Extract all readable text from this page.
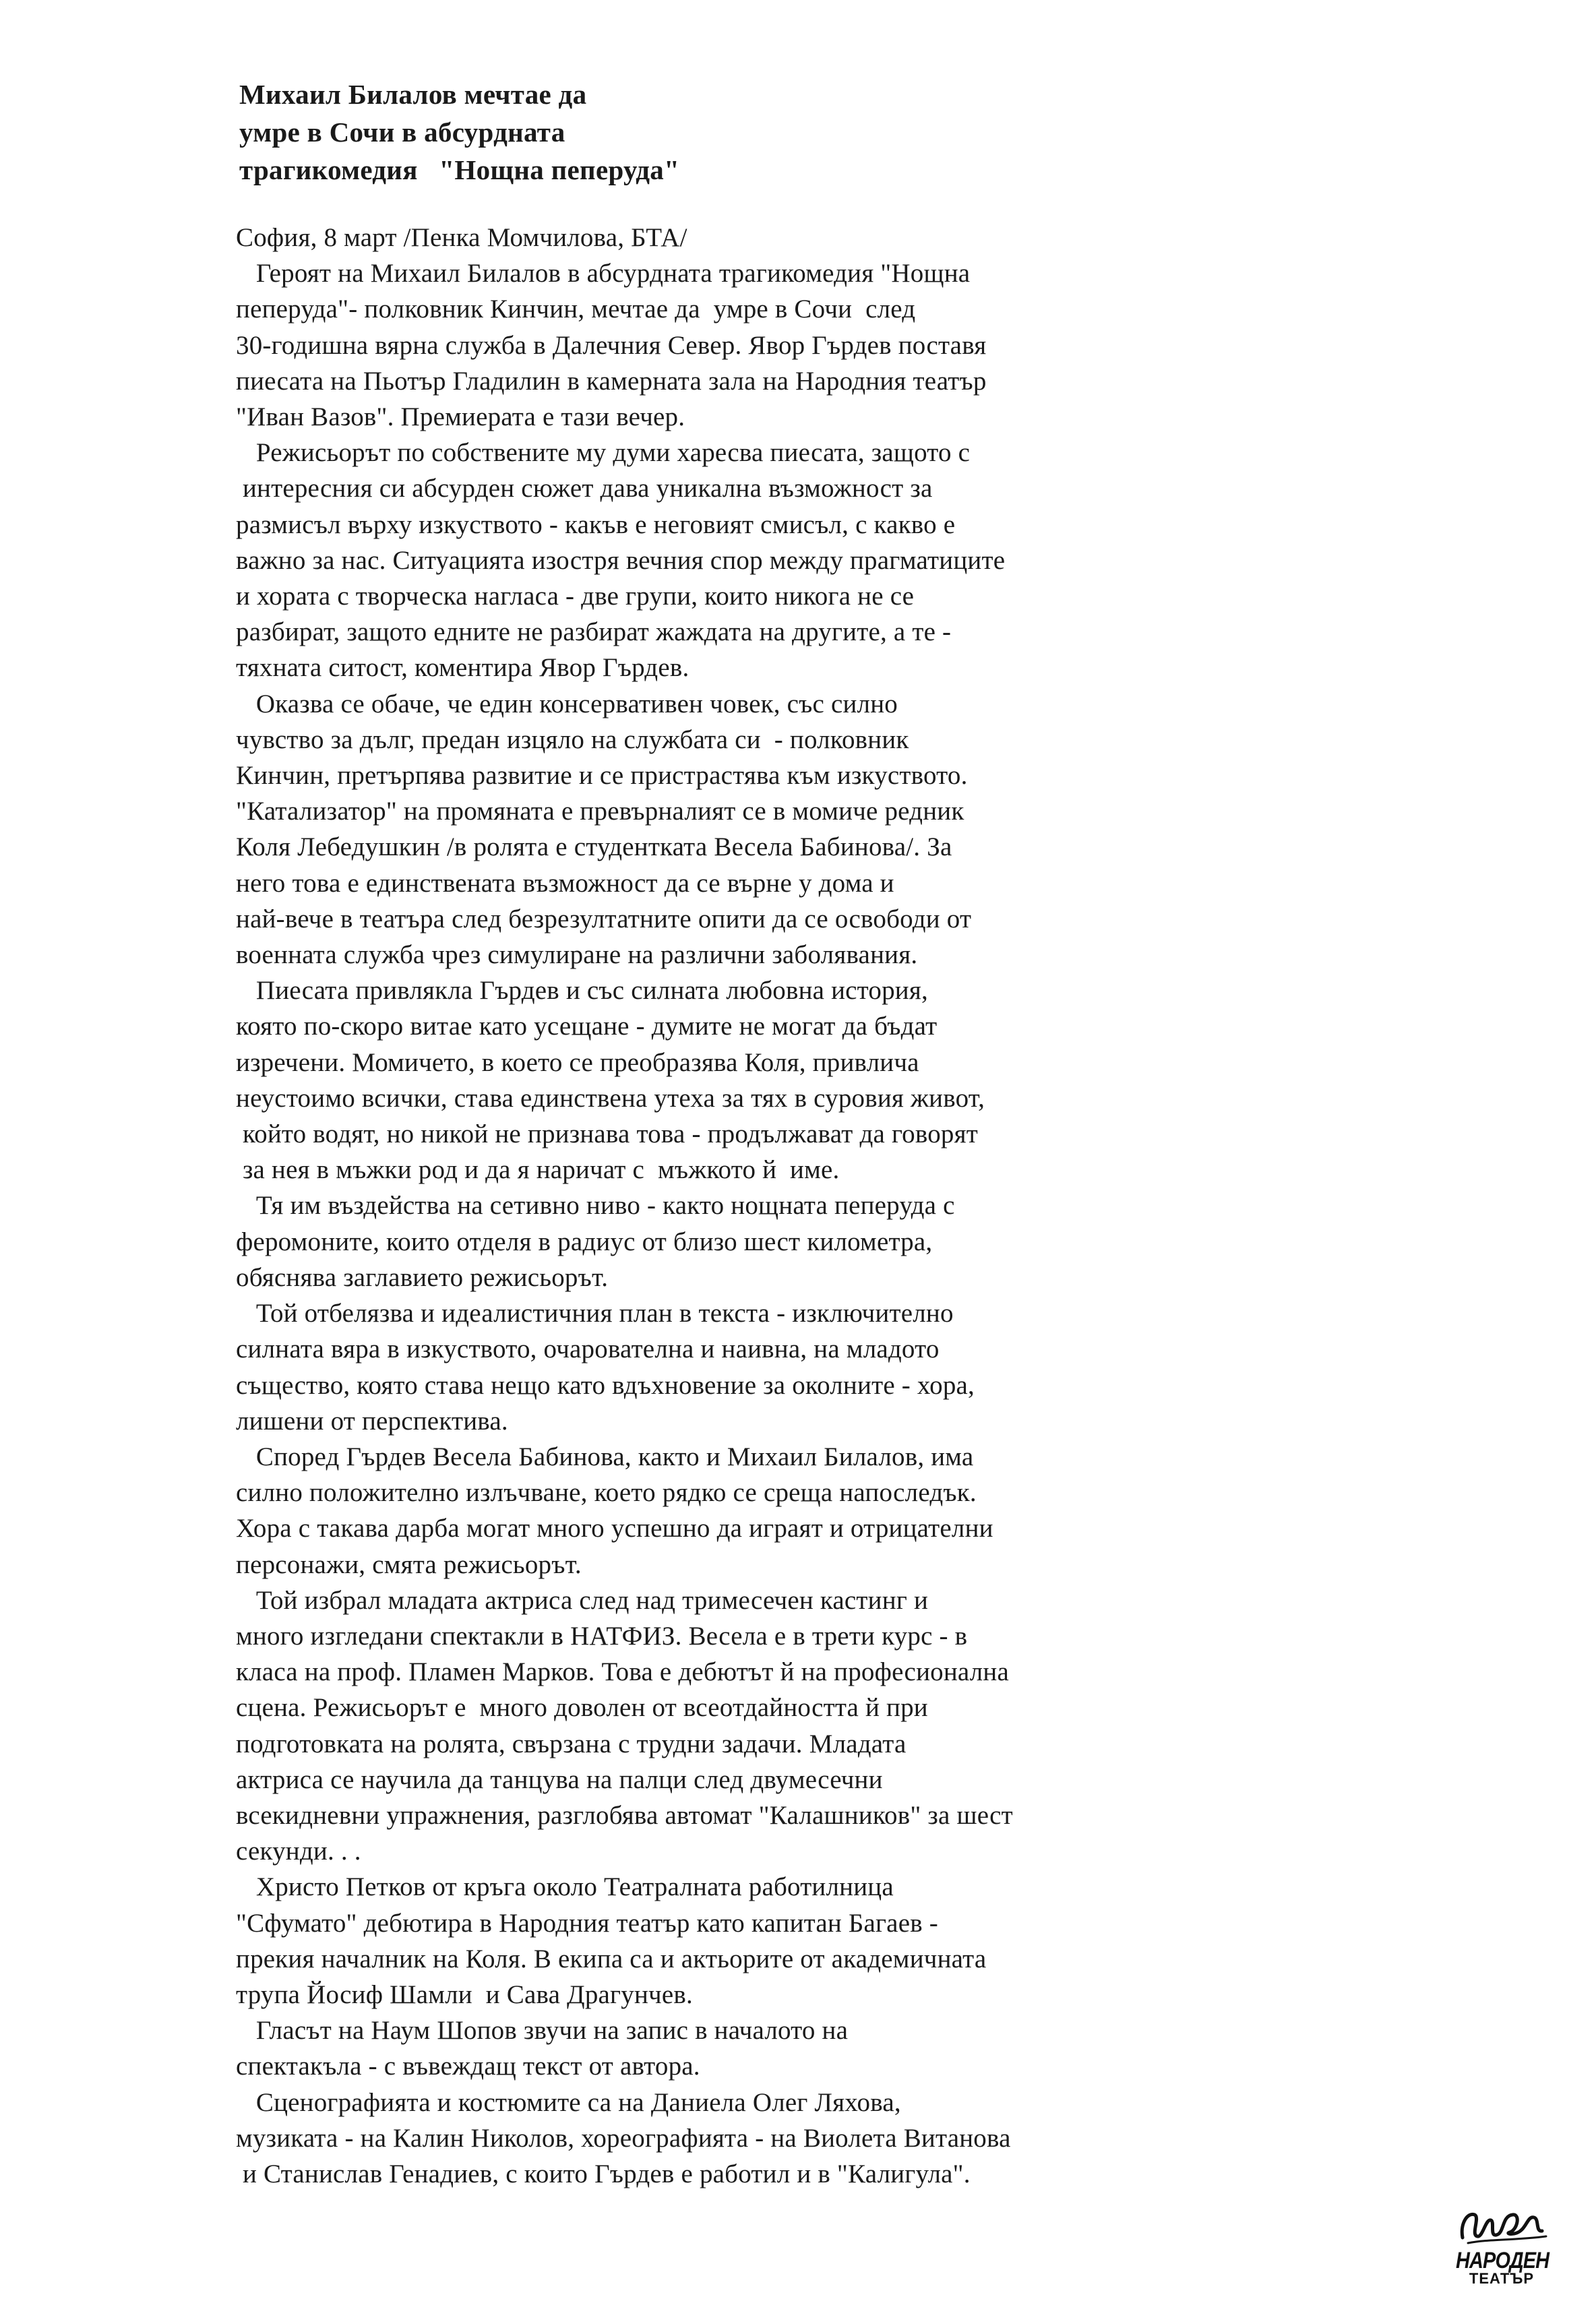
Михаил Билалов мечтае да
умре в Сочи в абсурдната
трагикомедия   "Нощна пеперуда"
София, 8 март /Пенка Момчилова, БТА/
Героят на Михаил Билалов в абсурдната трагикомедия "Нощна
пеперуда"- полковник Кинчин, мечтае да  умре в Сочи  след
30-годишна вярна служба в Далечния Север. Явор Гърдев поставя
пиесата на Пьотър Гладилин в камерната зала на Народния театър
"Иван Вазов". Премиерата е тази вечер.
Режисьорът по собствените му думи харесва пиесата, защото с
интересния си абсурден сюжет дава уникална възможност за
размисъл върху изкуството - какъв е неговият смисъл, с какво е
важно за нас. Ситуацията изостря вечния спор между прагматиците
и хората с творческа нагласа - две групи, които никога не се
разбират, защото едните не разбират жаждата на другите, а те -
тяхната ситост, коментира Явор Гърдев.
Оказва се обаче, че един консервативен човек, със силно
чувство за дълг, предан изцяло на службата си  - полковник
Кинчин, претърпява развитие и се пристрастява към изкуството.
"Катализатор" на промяната е превърналият се в момиче редник
Коля Лебедушкин /в ролята е студентката Весела Бабинова/. За
него това е единствената възможност да се върне у дома и
най-вече в театъра след безрезултатните опити да се освободи от
военната служба чрез симулиране на различни заболявания.
Пиесата привлякла Гърдев и със силната любовна история,
която по-скоро витае като усещане - думите не могат да бъдат
изречени. Момичето, в което се преобразява Коля, привлича
неустоимо всички, става единствена утеха за тях в суровия живот,
който водят, но никой не признава това - продължават да говорят
за нея в мъжки род и да я наричат с  мъжкото й  име.
Тя им въздейства на сетивно ниво - както нощната пеперуда с
феромоните, които отделя в радиус от близо шест километра,
обяснява заглавието режисьорът.
Той отбелязва и идеалистичния план в текста - изключително
силната вяра в изкуството, очарователна и наивна, на младото
същество, която става нещо като вдъхновение за околните - хора,
лишени от перспектива.
Според Гърдев Весела Бабинова, както и Михаил Билалов, има
силно положително излъчване, което рядко се среща напоследък.
Хора с такава дарба могат много успешно да играят и отрицателни
персонажи, смята режисьорът.
Той избрал младата актриса след над тримесечен кастинг и
много изгледани спектакли в НАТФИЗ. Весела е в трети курс - в
класа на проф. Пламен Марков. Това е дебютът й на професионална
сцена. Режисьорът е  много доволен от всеотдайността й при
подготовката на ролята, свързана с трудни задачи. Младата
актриса се научила да танцува на палци след двумесечни
всекидневни упражнения, разглобява автомат "Калашников" за шест
секунди. . .
Христо Петков от кръга около Театралната работилница
"Сфумато" дебютира в Народния театър като капитан Багаев -
прекия началник на Коля. В екипа са и актьорите от академичната
трупа Йосиф Шамли  и Сава Драгунчев.
Гласът на Наум Шопов звучи на запис в началото на
спектакъла - с въвеждащ текст от автора.
Сценографията и костюмите са на Даниела Олег Ляхова,
музиката - на Калин Николов, хореографията - на Виолета Витанова
и Станислав Генадиев, с които Гърдев е работил и в "Калигула".
НАРОДЕН
ТЕАТЪР
